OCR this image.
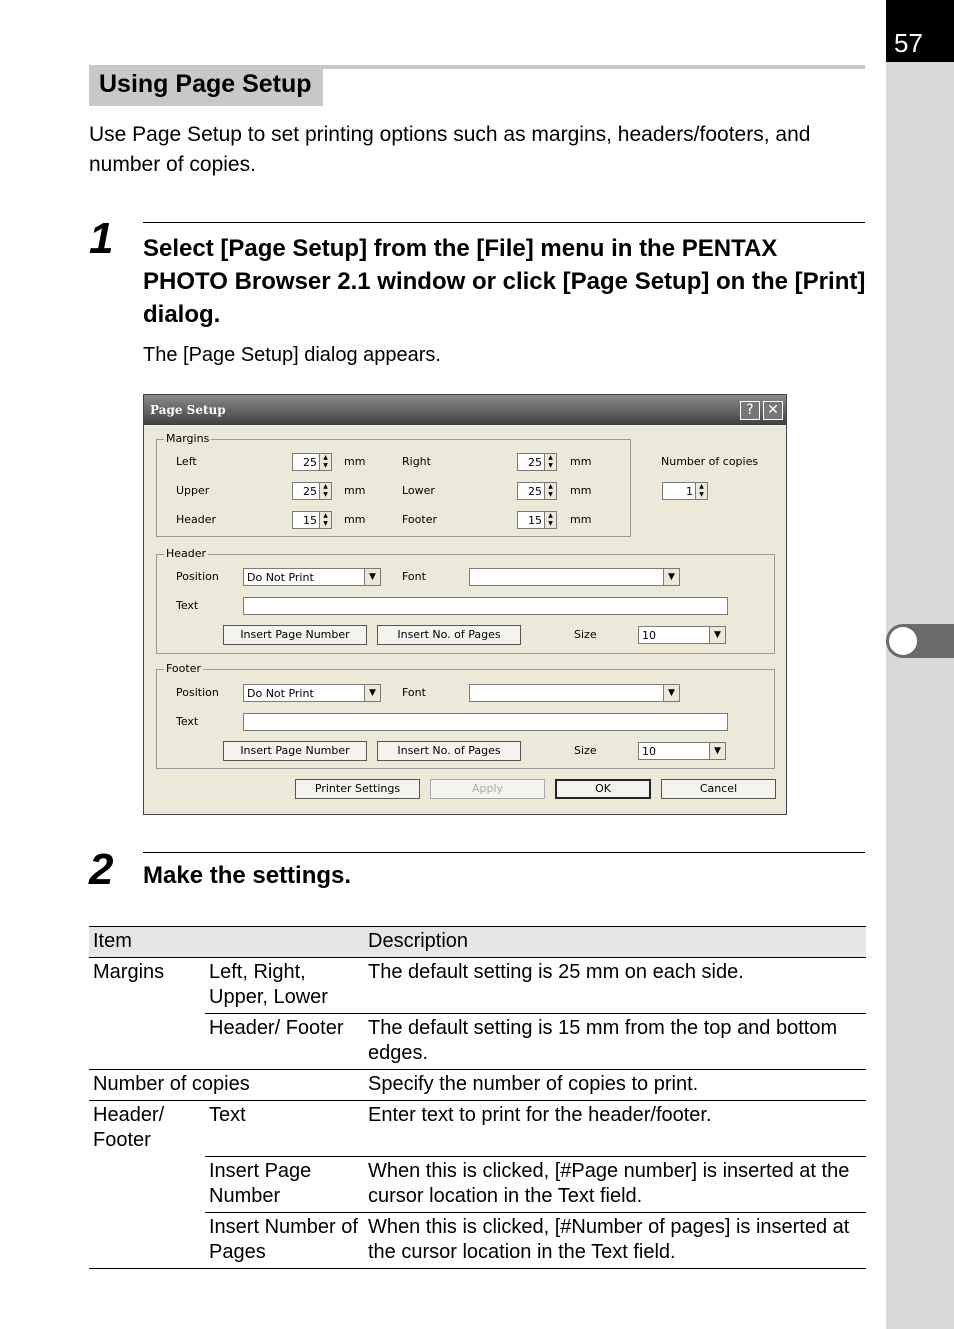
57
Using Page Setup

Use Page Setup to set printing options such as margins, headers/footers, and number of copies.

1 Select [Page Setup] from the [File] menu in the PENTAX PHOTO Browser 2.1 window or click [Page Setup] on the [Print] dialog.
The [Page Setup] dialog appears.
Page Setup	? ✕
Margins
Left	25	▲
▼ mm
Upper	25	▲
▼ mm
Header	15	▲
▼ mm
Right	25	▲
▼ mm
Lower	25	▲
▼ mm
Footer	15	▲
▼ mm
Number of copies
1	▲
▼
Header
Position	Do Not Print	▼	Font	▼
Text
Insert Page Number	Insert No. of Pages	Size	10	▼
Footer
Position	Do Not Print	▼	Font	▼
Text
Insert Page Number	Insert No. of Pages	Size	10	▼
Printer Settings	Apply	OK	Cancel
2 Make the settings.
Item		Description
Margins	Left, Right, Upper, Lower	The default setting is 25 mm on each side.
	Header/ Footer	The default setting is 15 mm from the top and bottom edges.
Number of copies		Specify the number of copies to print.
Header/ Footer	Text	Enter text to print for the header/footer.
	Insert Page Number	When this is clicked, [#Page number] is inserted at the cursor location in the Text field.
	Insert Number of Pages	When this is clicked, [#Number of pages] is inserted at the cursor location in the Text field.
